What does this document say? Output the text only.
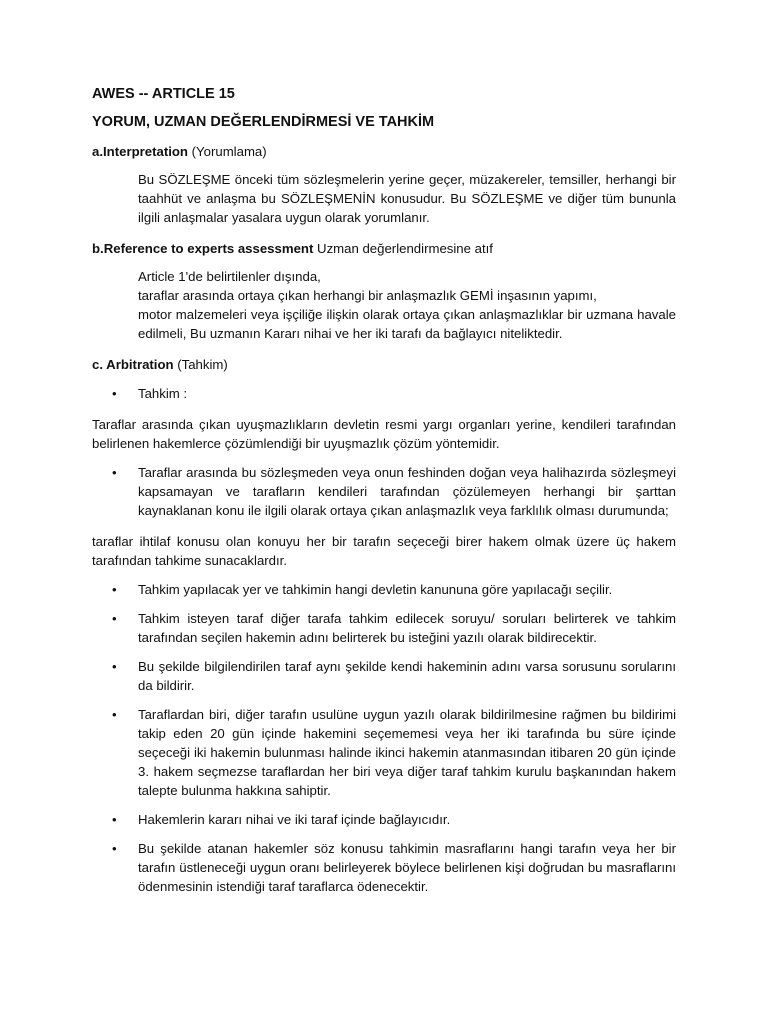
AWES -- ARTICLE 15

YORUM, UZMAN DEĞERLENDİRMESİ VE TAHKİM

a.Interpretation (Yorumlama)

Bu SÖZLEŞME önceki tüm sözleşmelerin yerine geçer, müzakereler, temsiller, herhangi bir taahhüt ve anlaşma bu SÖZLEŞMENİN konusudur. Bu SÖZLEŞME ve diğer tüm bununla ilgili anlaşmalar yasalara uygun olarak yorumlanır.

b.Reference to experts assessment Uzman değerlendirmesine atıf

Article 1'de belirtilenler dışında,

taraflar arasında ortaya çıkan herhangi bir anlaşmazlık GEMİ inşasının yapımı,

motor malzemeleri veya işçiliğe ilişkin olarak ortaya çıkan anlaşmazlıklar bir uzmana havale edilmeli, Bu uzmanın Kararı nihai ve her iki tarafı da bağlayıcı niteliktedir.

c. Arbitration (Tahkim)

• Tahkim :

Taraflar arasında çıkan uyuşmazlıkların devletin resmi yargı organları yerine, kendileri tarafından belirlenen hakemlerce çözümlendiği bir uyuşmazlık çözüm yöntemidir.

• Taraflar arasında bu sözleşmeden veya onun feshinden doğan veya halihazırda sözleşmeyi kapsamayan ve tarafların kendileri tarafından çözülemeyen herhangi bir şarttan kaynaklanan konu ile ilgili olarak ortaya çıkan anlaşmazlık veya farklılık olması durumunda;

taraflar ihtilaf konusu olan konuyu her bir tarafın seçeceği birer hakem olmak üzere üç hakem tarafından tahkime sunacaklardır.

• Tahkim yapılacak yer ve tahkimin hangi devletin kanununa göre yapılacağı seçilir.
• Tahkim isteyen taraf diğer tarafa tahkim edilecek soruyu/ soruları belirterek ve tahkim tarafından seçilen hakemin adını belirterek bu isteğini yazılı olarak bildirecektir.
• Bu şekilde bilgilendirilen taraf aynı şekilde kendi hakeminin adını varsa sorusunu sorularını da bildirir.
• Taraflardan biri, diğer tarafın usulüne uygun yazılı olarak bildirilmesine rağmen bu bildirimi takip eden 20 gün içinde hakemini seçememesi veya her iki tarafında bu süre içinde seçeceği iki hakemin bulunması halinde ikinci hakemin atanmasından itibaren 20 gün içinde 3. hakem seçmezse taraflardan her biri veya diğer taraf tahkim kurulu başkanından hakem talepte bulunma hakkına sahiptir.
• Hakemlerin kararı nihai ve iki taraf içinde bağlayıcıdır.
• Bu şekilde atanan hakemler söz konusu tahkimin masraflarını hangi tarafın veya her bir tarafın üstleneceği uygun oranı belirleyerek böylece belirlenen kişi doğrudan bu masraflarını ödenmesinin istendiği taraf taraflarca ödenecektir.
